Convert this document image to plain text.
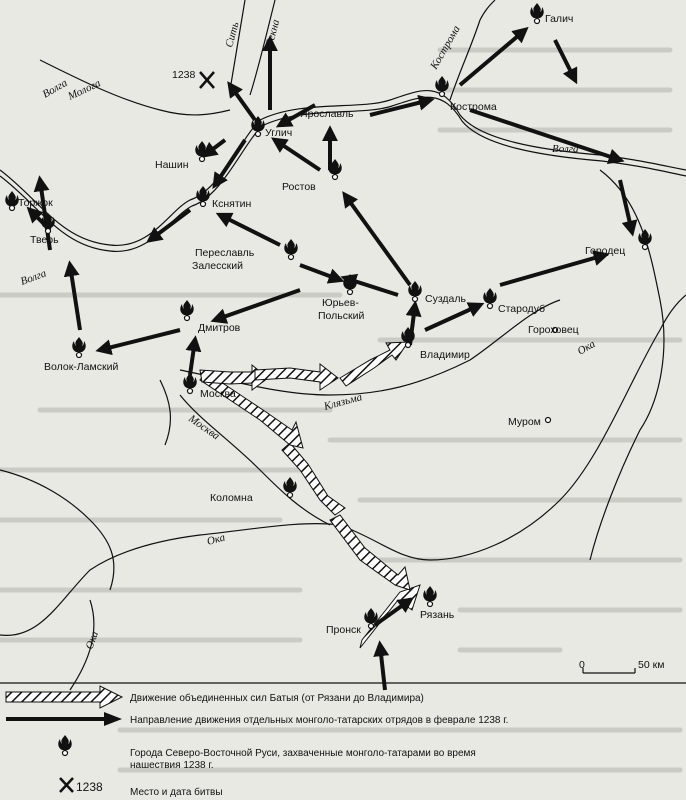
1238
Галич
Кострома
Ярославль
Углич
Нашин
Ростов
Кснятин
Торжок
Тверь
Переславль Залесский
Городец
Юрьев-Польский
Суздаль
Стародуб
Гороховец
Дмитров
Волок-Ламский
Владимир
Москва
Муром
Коломна
Рязань
Пронск
Сить
Молога
Лекна	Кострома
Волга
Волга
Волга
Ока
Ока
Ока
Клязьма
Москва
0	50 км
Движение объединенных сил Батыя (от Рязани до Владимира)
Направление движения отдельных монголо-татарских отрядов в феврале 1238 г.
Города Северо-Восточной Руси, захваченные монголо-татарами во время
нашествия 1238 г.
1238	Место и дата битвы
